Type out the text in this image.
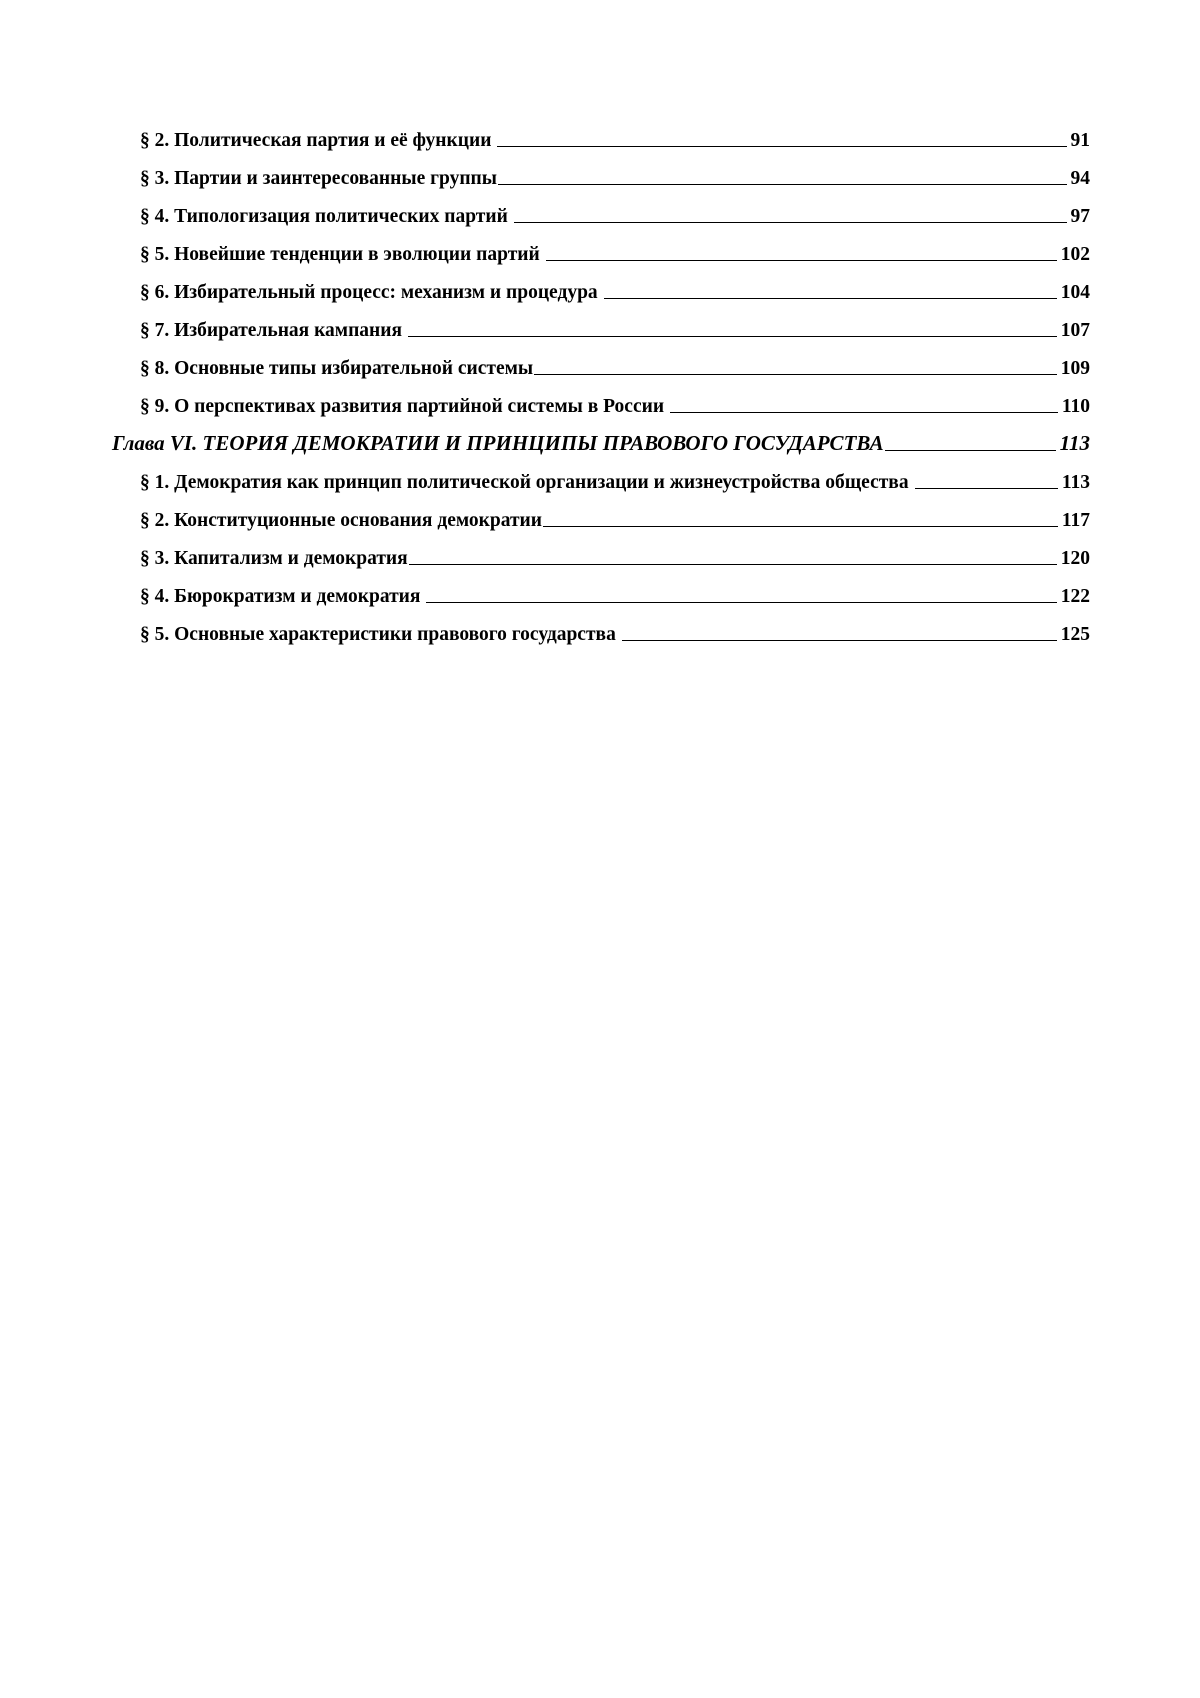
§ 2. Политическая партия и её функции	91
§ 3. Партии и заинтересованные группы	94
§ 4. Типологизация политических партий	97
§ 5. Новейшие тенденции в эволюции партий	102
§ 6. Избирательный процесс: механизм и процедура	104
§ 7. Избирательная кампания	107
§ 8. Основные типы избирательной системы	109
§ 9. О перспективах развития партийной системы в России	110
Глава VI. ТЕОРИЯ ДЕМОКРАТИИ И ПРИНЦИПЫ ПРАВОВОГО ГОСУДАРСТВА	113
§ 1. Демократия как принцип политической организации и жизнеустройства общества	113
§ 2. Конституционные основания демократии	117
§ 3. Капитализм и демократия	120
§ 4. Бюрократизм и демократия	122
§ 5. Основные характеристики правового государства	125
